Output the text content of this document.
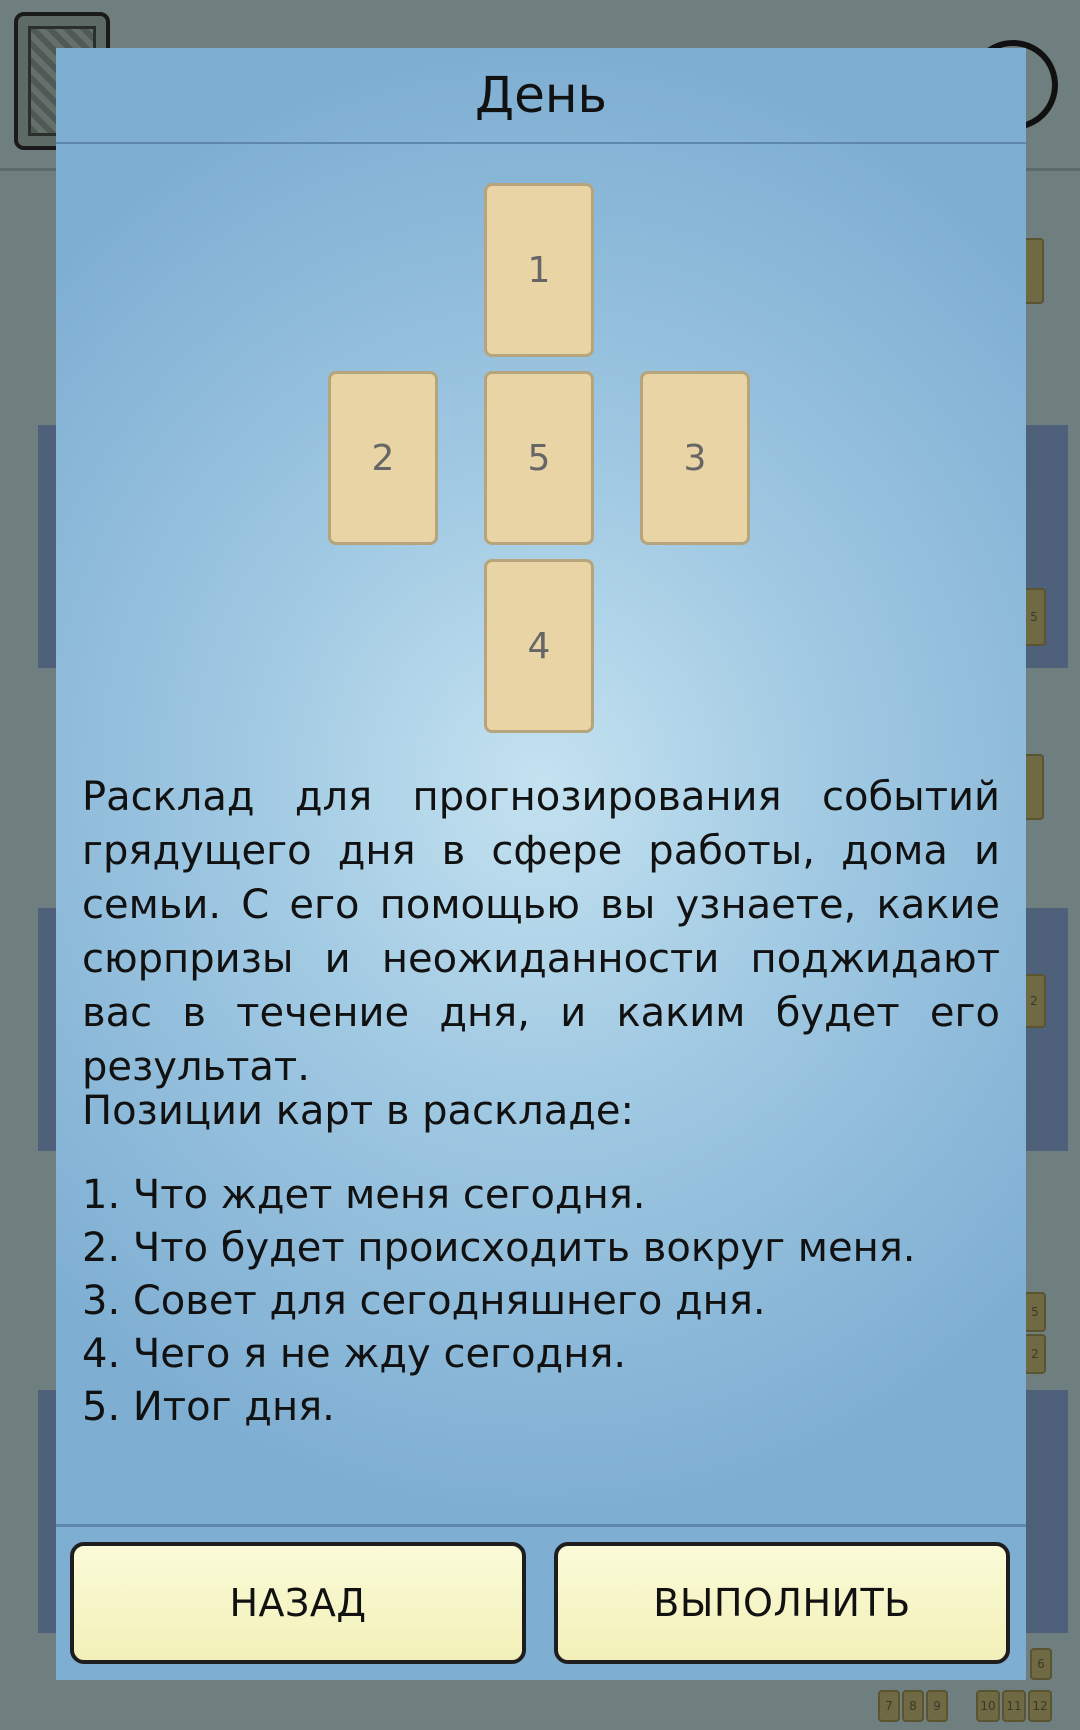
5
2
5
2
6
7	8	9	10 11 12
День
1
2	5	3
4
Расклад для прогнозирования событий грядущего дня в сфере работы, дома и семьи. С его помощью вы узнаете, какие сюрпризы и неожиданности поджидают вас в течение дня, и каким будет его результат.
Позиции карт в раскладе:
1. Что ждет меня сегодня.
2. Что будет происходить вокруг меня.
3. Совет для сегодняшнего дня.
4. Чего я не жду сегодня.
5. Итог дня.
НАЗАД	ВЫПОЛНИТЬ
